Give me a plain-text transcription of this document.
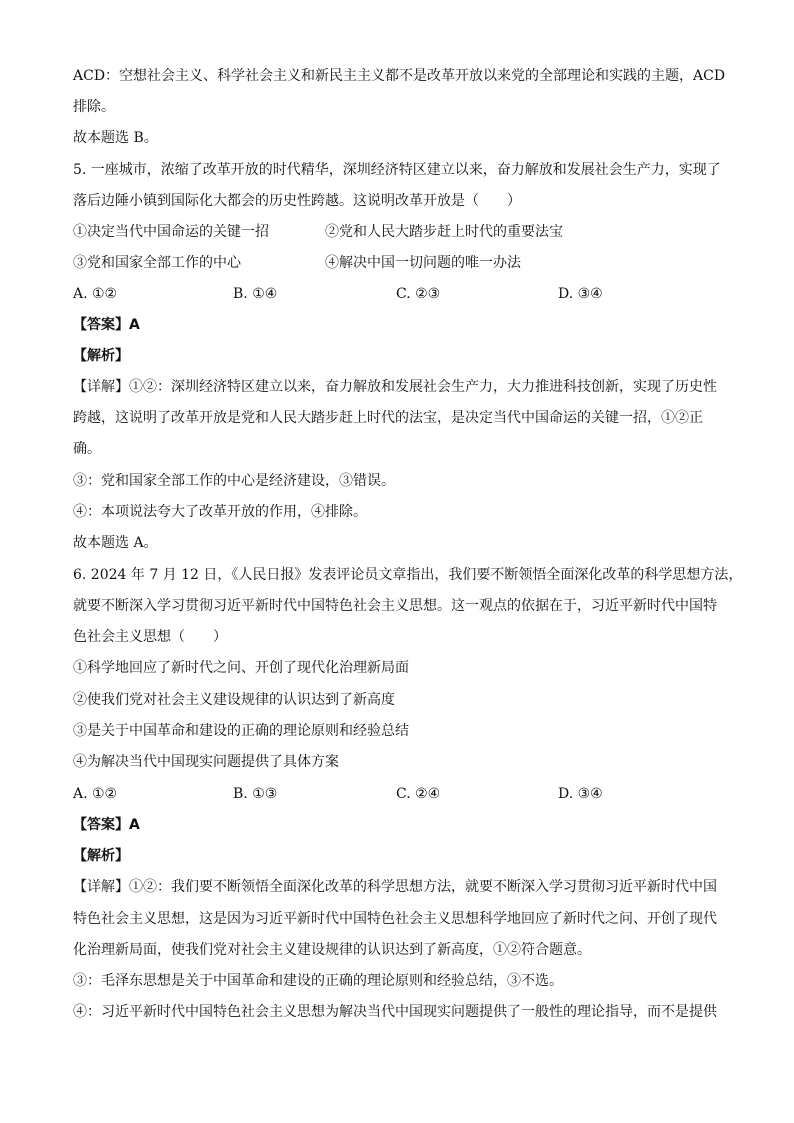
ACD：空想社会主义、科学社会主义和新民主主义都不是改革开放以来党的全部理论和实践的主题，ACD
排除。
故本题选 B。
5. 一座城市，浓缩了改革开放的时代精华，深圳经济特区建立以来，奋力解放和发展社会生产力，实现了
落后边陲小镇到国际化大都会的历史性跨越。这说明改革开放是（　　）
①决定当代中国命运的关键一招	②党和人民大踏步赶上时代的重要法宝
③党和国家全部工作的中心	④解决中国一切问题的唯一办法
A. ①②	B. ①④	C. ②③	D. ③④
【答案】A
【解析】
【详解】①②：深圳经济特区建立以来，奋力解放和发展社会生产力，大力推进科技创新，实现了历史性
跨越，这说明了改革开放是党和人民大踏步赶上时代的法宝，是决定当代中国命运的关键一招，①②正
确。
③：党和国家全部工作的中心是经济建设，③错误。
④：本项说法夸大了改革开放的作用，④排除。
故本题选 A。
6. 2024 年 7 月 12 日，《人民日报》发表评论员文章指出，我们要不断领悟全面深化改革的科学思想方法，
就要不断深入学习贯彻习近平新时代中国特色社会主义思想。这一观点的依据在于，习近平新时代中国特
色社会主义思想（　　）
①科学地回应了新时代之问、开创了现代化治理新局面
②使我们党对社会主义建设规律的认识达到了新高度
③是关于中国革命和建设的正确的理论原则和经验总结
④为解决当代中国现实问题提供了具体方案
A. ①②	B. ①③	C. ②④	D. ③④
【答案】A
【解析】
【详解】①②：我们要不断领悟全面深化改革的科学思想方法，就要不断深入学习贯彻习近平新时代中国
特色社会主义思想，这是因为习近平新时代中国特色社会主义思想科学地回应了新时代之问、开创了现代
化治理新局面，使我们党对社会主义建设规律的认识达到了新高度，①②符合题意。
③：毛泽东思想是关于中国革命和建设的正确的理论原则和经验总结，③不选。
④：习近平新时代中国特色社会主义思想为解决当代中国现实问题提供了一般性的理论指导，而不是提供
